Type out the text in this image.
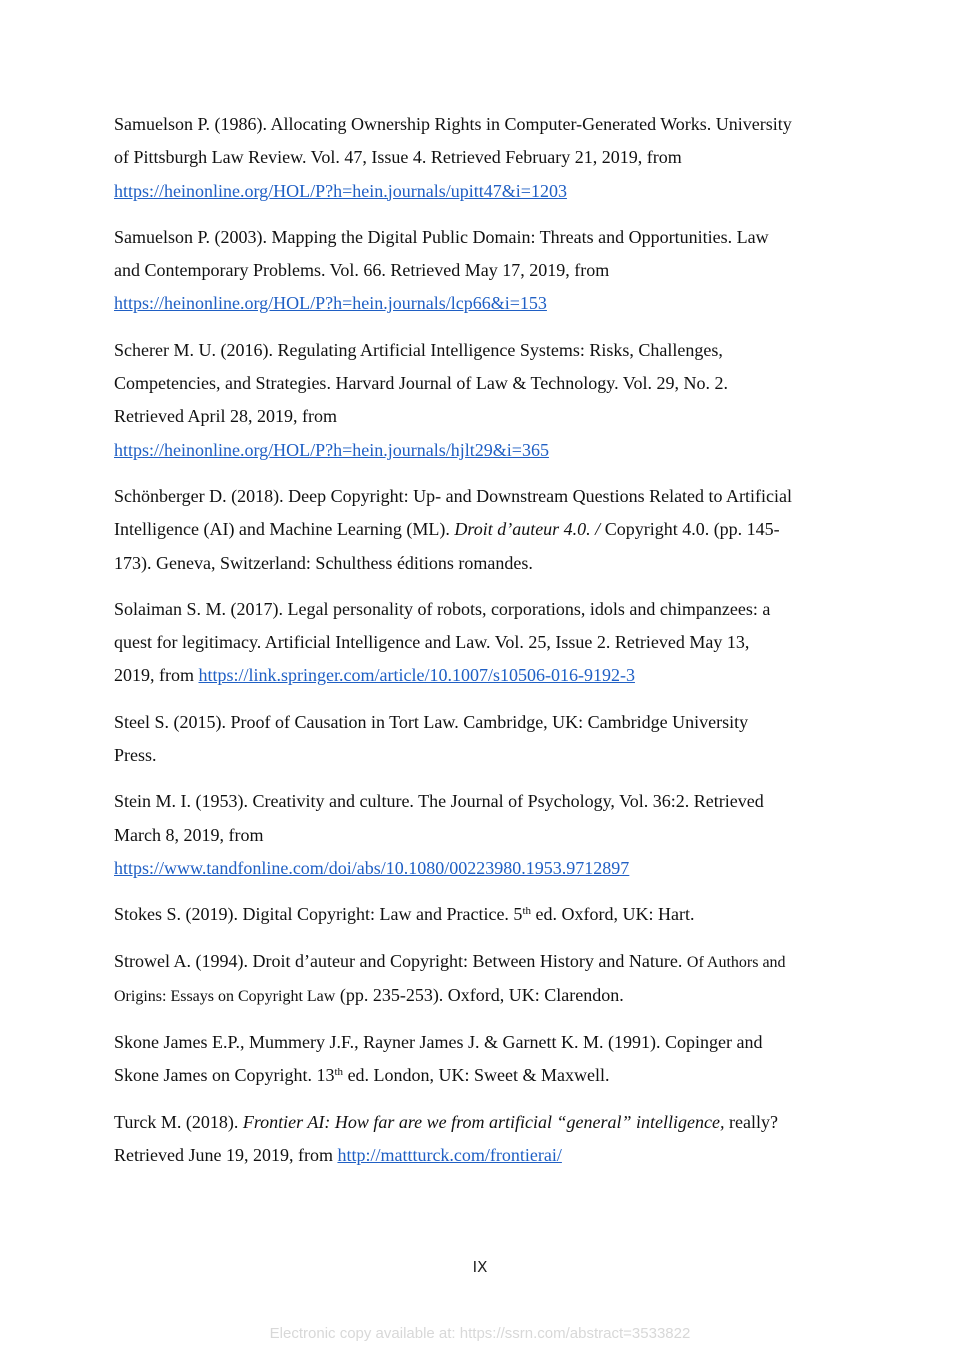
Samuelson P. (1986). Allocating Ownership Rights in Computer-Generated Works. University of Pittsburgh Law Review. Vol. 47, Issue 4. Retrieved February 21, 2019, from https://heinonline.org/HOL/P?h=hein.journals/upitt47&i=1203

Samuelson P. (2003). Mapping the Digital Public Domain: Threats and Opportunities. Law and Contemporary Problems. Vol. 66. Retrieved May 17, 2019, from https://heinonline.org/HOL/P?h=hein.journals/lcp66&i=153

Scherer M. U. (2016). Regulating Artificial Intelligence Systems: Risks, Challenges, Competencies, and Strategies. Harvard Journal of Law & Technology. Vol. 29, No. 2. Retrieved April 28, 2019, from
https://heinonline.org/HOL/P?h=hein.journals/hjlt29&i=365

Schönberger D. (2018). Deep Copyright: Up- and Downstream Questions Related to Artificial Intelligence (AI) and Machine Learning (ML). Droit d’auteur 4.0. / Copyright 4.0. (pp. 145-173). Geneva, Switzerland: Schulthess éditions romandes.

Solaiman S. M. (2017). Legal personality of robots, corporations, idols and chimpanzees: a quest for legitimacy. Artificial Intelligence and Law. Vol. 25, Issue 2. Retrieved May 13, 2019, from https://link.springer.com/article/10.1007/s10506-016-9192-3

Steel S. (2015). Proof of Causation in Tort Law. Cambridge, UK: Cambridge University Press.

Stein M. I. (1953). Creativity and culture. The Journal of Psychology, Vol. 36:2. Retrieved March 8, 2019, from
https://www.tandfonline.com/doi/abs/10.1080/00223980.1953.9712897

Stokes S. (2019). Digital Copyright: Law and Practice. 5th ed. Oxford, UK: Hart.

Strowel A. (1994). Droit d’auteur and Copyright: Between History and Nature. Of Authors and Origins: Essays on Copyright Law (pp. 235-253). Oxford, UK: Clarendon.

Skone James E.P., Mummery J.F., Rayner James J. & Garnett K. M. (1991). Copinger and Skone James on Copyright. 13th ed. London, UK: Sweet & Maxwell.

Turck M. (2018). Frontier AI: How far are we from artificial “general” intelligence, really? Retrieved June 19, 2019, from http://mattturck.com/frontierai/

IX
Electronic copy available at: https://ssrn.com/abstract=3533822
